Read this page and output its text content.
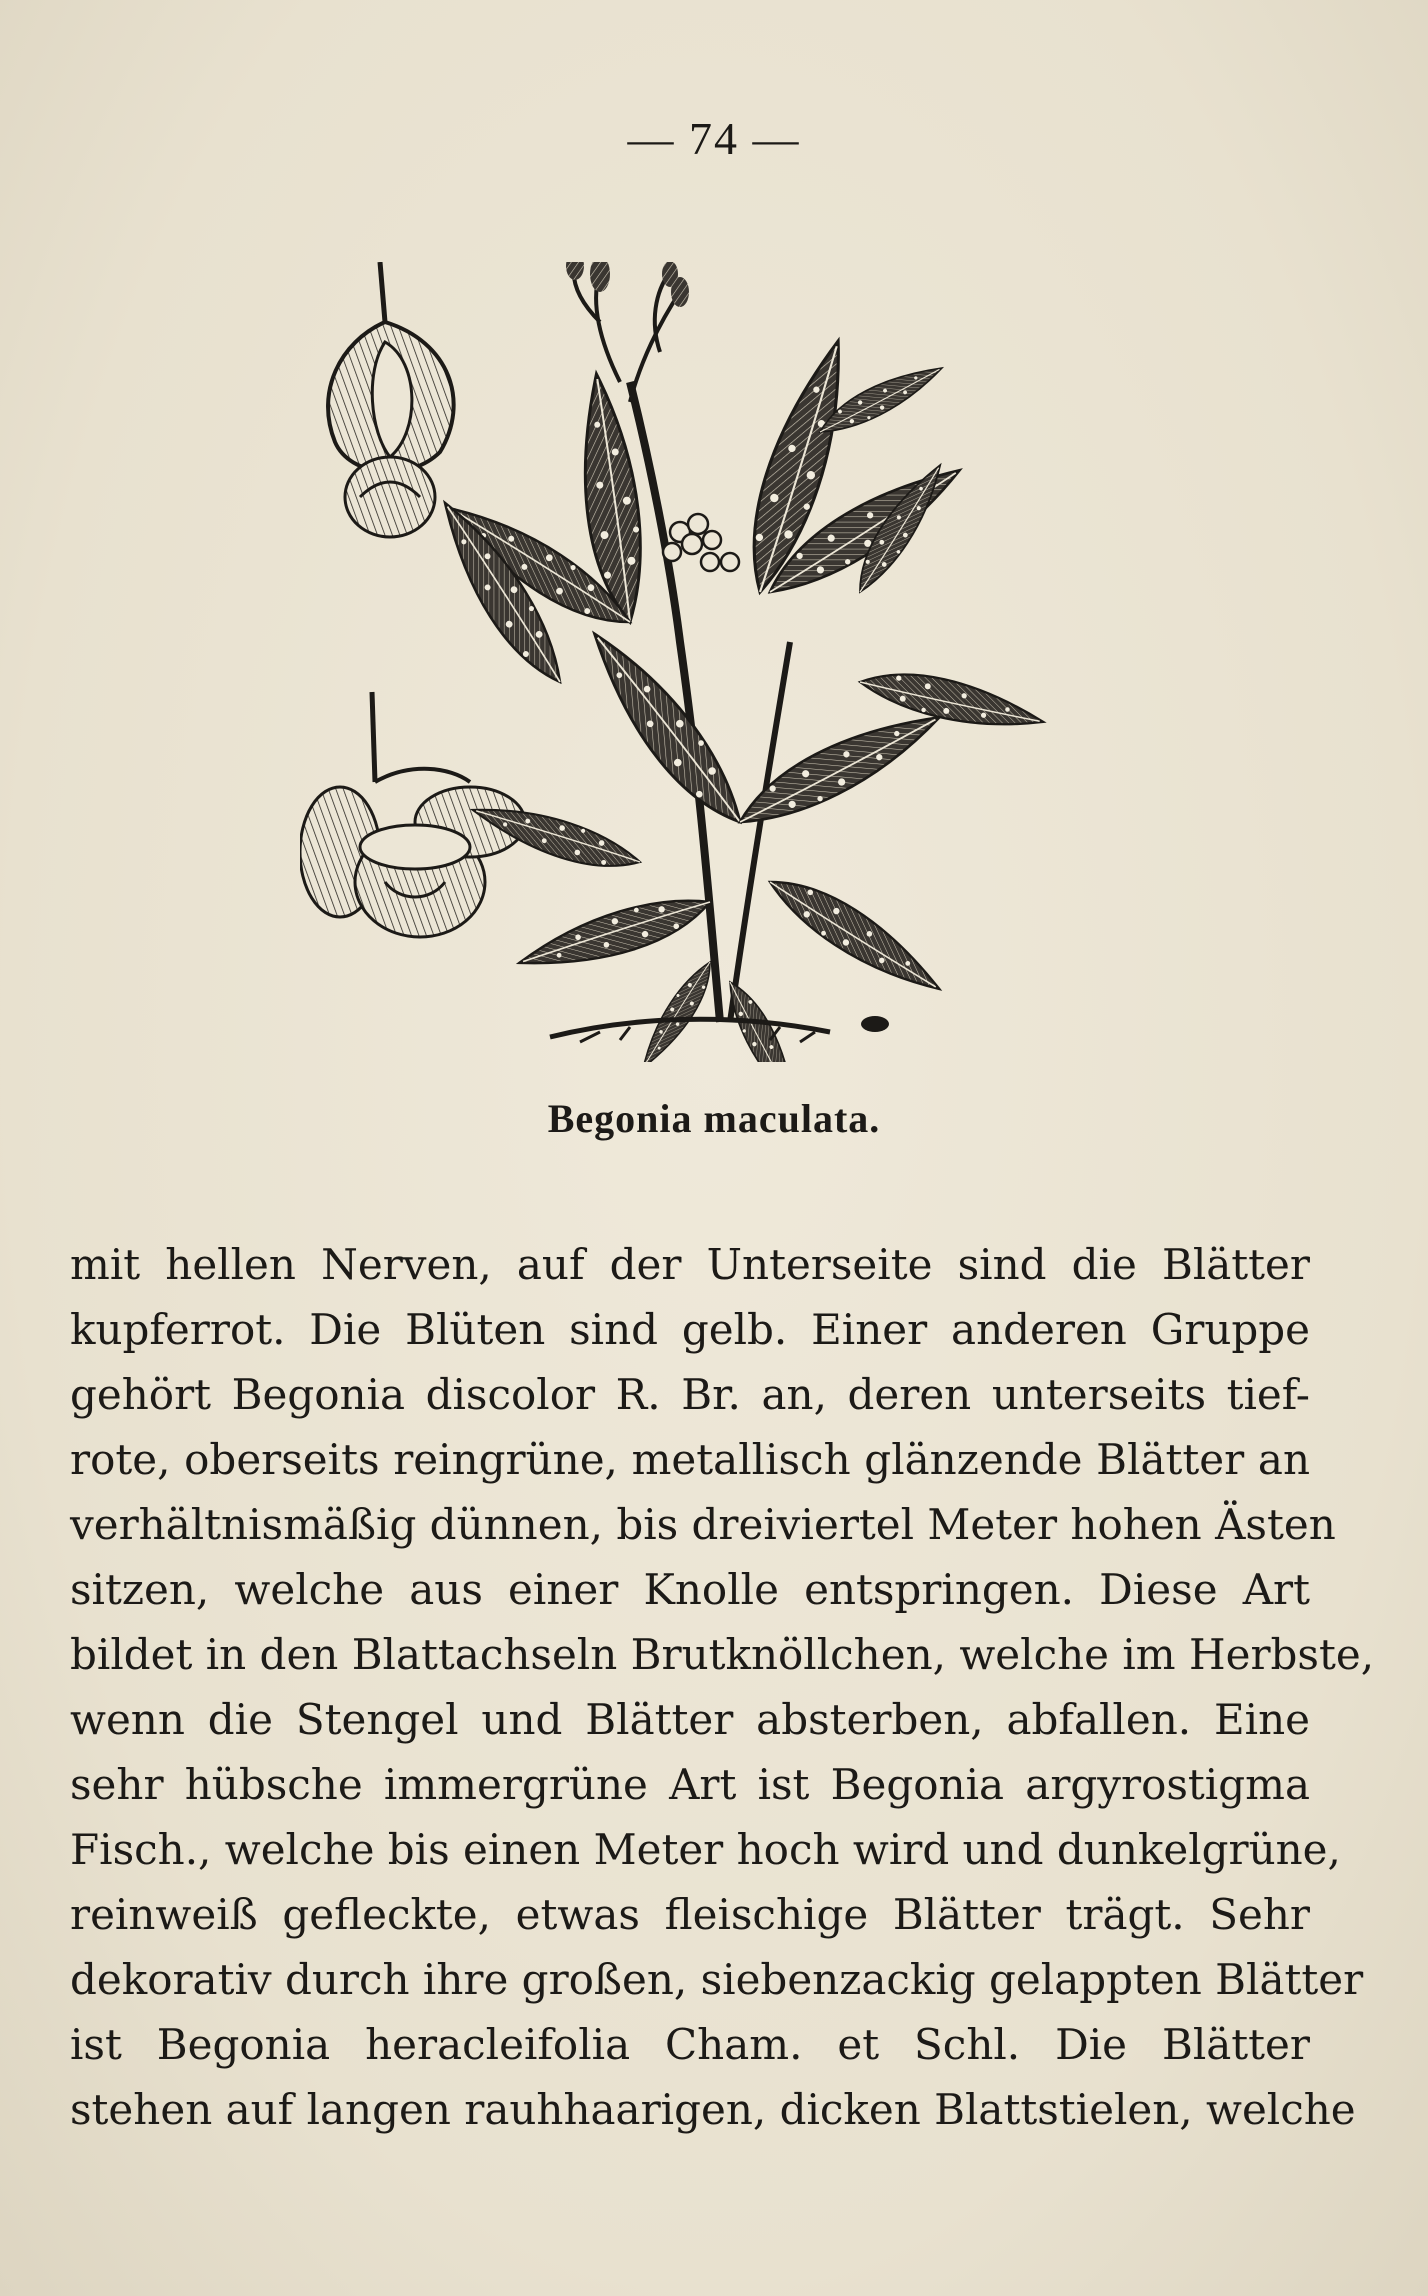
— 74 —
Begonia maculata.
mit hellen Nerven, auf der Unterseite sind die Blätter
kupferrot. Die Blüten sind gelb. Einer anderen Gruppe
gehört Begonia discolor R. Br. an, deren unterseits tief-
rote, oberseits reingrüne, metallisch glänzende Blätter an
verhältnismäßig dünnen, bis dreiviertel Meter hohen Ästen
sitzen, welche aus einer Knolle entspringen. Diese Art
bildet in den Blattachseln Brutknöllchen, welche im Herbste,
wenn die Stengel und Blätter absterben, abfallen. Eine
sehr hübsche immergrüne Art ist Begonia argyrostigma
Fisch., welche bis einen Meter hoch wird und dunkelgrüne,
reinweiß gefleckte, etwas fleischige Blätter trägt. Sehr
dekorativ durch ihre großen, siebenzackig gelappten Blätter
ist Begonia heracleifolia Cham. et Schl. Die Blätter
stehen auf langen rauhhaarigen, dicken Blattstielen, welche
